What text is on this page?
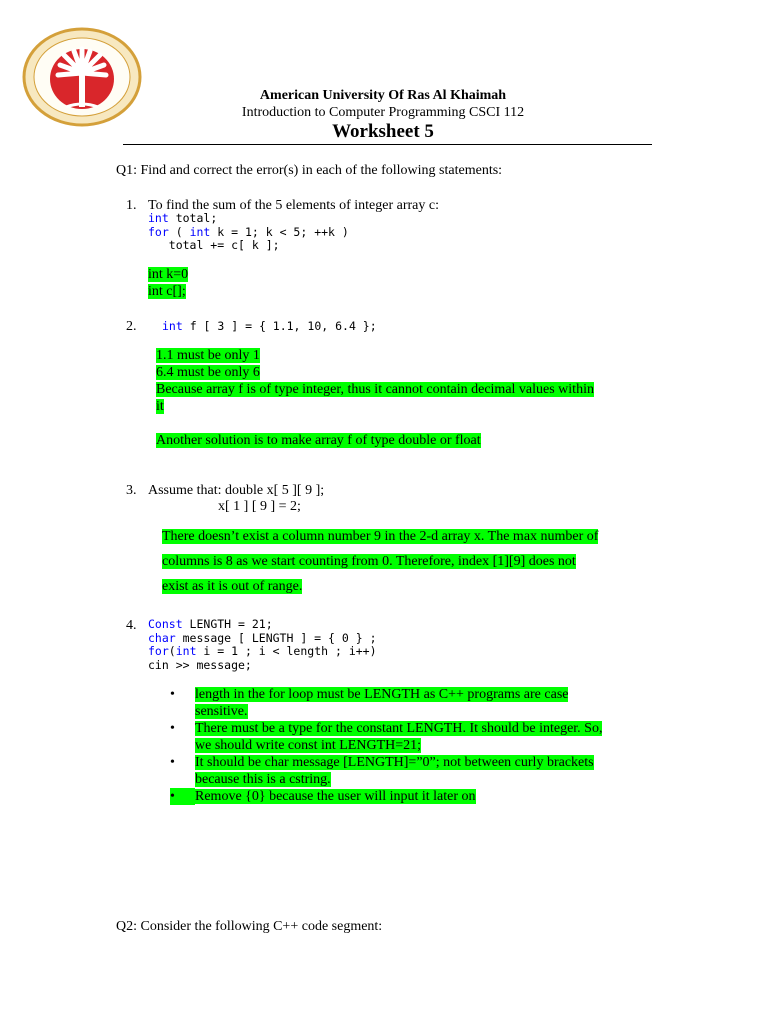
American University Of Ras Al Khaimah
Introduction to Computer Programming CSCI 112
Worksheet 5
Q1: Find and correct the error(s) in each of the following statements:
1. To find the sum of the 5 elements of integer array c:
int total;
for ( int k = 1; k < 5; ++k )
total += c[ k ];
int k=0
int c[];
2. int f [ 3 ] = { 1.1, 10, 6.4 };
1.1 must be only 1
6.4 must be only 6
Because array f is of type integer, thus it cannot contain decimal values within
it
Another solution is to make array f of type double or float
3. Assume that: double x[ 5 ][ 9 ];
x[ 1 ] [ 9 ] = 2;
There doesn’t exist a column number 9 in the 2-d array x. The max number of
columns is 8 as we start counting from 0. Therefore, index [1][9] does not
exist as it is out of range.
4. Const LENGTH = 21;
char message [ LENGTH ] = { 0 } ;
for(int i = 1 ; i < length ; i++)
cin >> message;
• length in the for loop must be LENGTH as C++ programs are case
sensitive.
• There must be a type for the constant LENGTH. It should be integer. So,
we should write const int LENGTH=21;
• It should be char message [LENGTH]=”0”; not between curly brackets
because this is a cstring.
•	Remove {0} because the user will input it later on
Q2: Consider the following C++ code segment:
